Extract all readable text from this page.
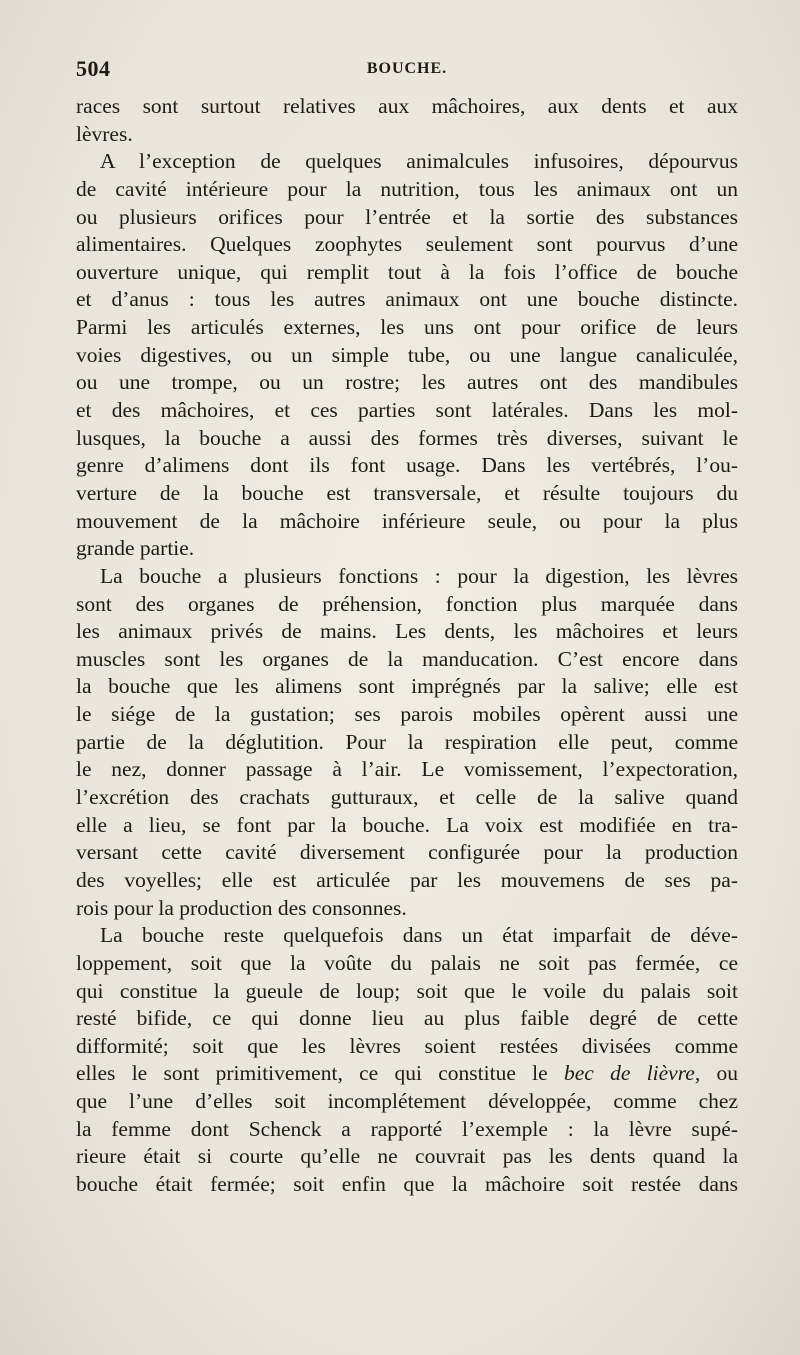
504	BOUCHE.
races sont surtout relatives aux mâchoires, aux dents et aux
lèvres.
A l’exception de quelques animalcules infusoires, dépourvus
de cavité intérieure pour la nutrition, tous les animaux ont un
ou plusieurs orifices pour l’entrée et la sortie des substances
alimentaires. Quelques zoophytes seulement sont pourvus d’une
ouverture unique, qui remplit tout à la fois l’office de bouche
et d’anus : tous les autres animaux ont une bouche distincte.
Parmi les articulés externes, les uns ont pour orifice de leurs
voies digestives, ou un simple tube, ou une langue canaliculée,
ou une trompe, ou un rostre; les autres ont des mandibules
et des mâchoires, et ces parties sont latérales. Dans les mol-
lusques, la bouche a aussi des formes très diverses, suivant le
genre d’alimens dont ils font usage. Dans les vertébrés, l’ou-
verture de la bouche est transversale, et résulte toujours du
mouvement de la mâchoire inférieure seule, ou pour la plus
grande partie.
La bouche a plusieurs fonctions : pour la digestion, les lèvres
sont des organes de préhension, fonction plus marquée dans
les animaux privés de mains. Les dents, les mâchoires et leurs
muscles sont les organes de la manducation. C’est encore dans
la bouche que les alimens sont imprégnés par la salive; elle est
le siége de la gustation; ses parois mobiles opèrent aussi une
partie de la déglutition. Pour la respiration elle peut, comme
le nez, donner passage à l’air. Le vomissement, l’expectoration,
l’excrétion des crachats gutturaux, et celle de la salive quand
elle a lieu, se font par la bouche. La voix est modifiée en tra-
versant cette cavité diversement configurée pour la production
des voyelles; elle est articulée par les mouvemens de ses pa-
rois pour la production des consonnes.
La bouche reste quelquefois dans un état imparfait de déve-
loppement, soit que la voûte du palais ne soit pas fermée, ce
qui constitue la gueule de loup; soit que le voile du palais soit
resté bifide, ce qui donne lieu au plus faible degré de cette
difformité; soit que les lèvres soient restées divisées comme
elles le sont primitivement, ce qui constitue le bec de lièvre, ou
que l’une d’elles soit incomplétement développée, comme chez
la femme dont Schenck a rapporté l’exemple : la lèvre supé-
rieure était si courte qu’elle ne couvrait pas les dents quand la
bouche était fermée; soit enfin que la mâchoire soit restée dans
